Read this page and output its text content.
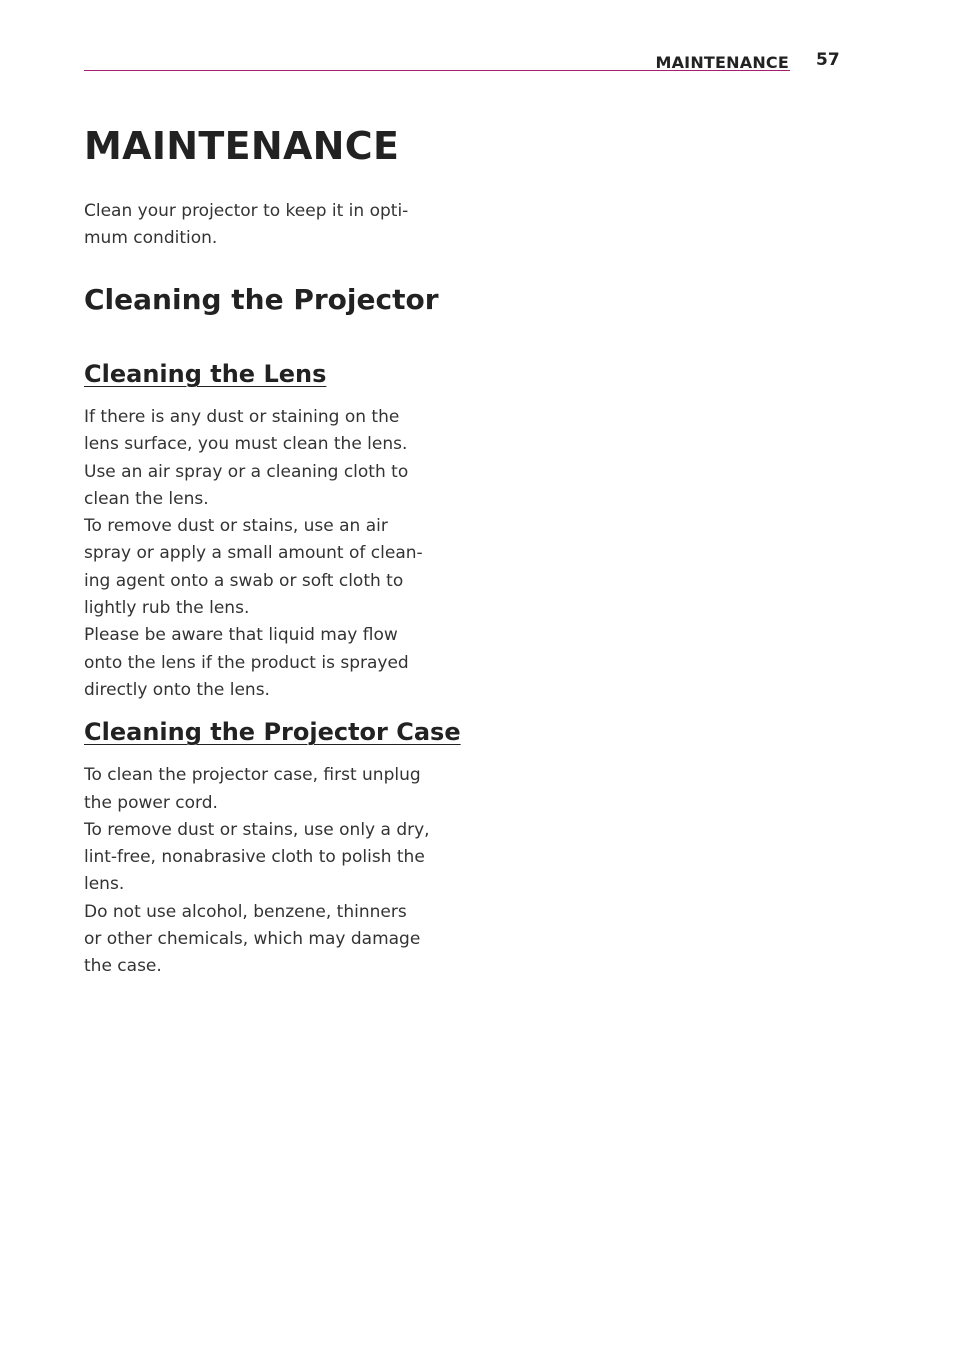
MAINTENANCE 57
MAINTENANCE
Clean your projector to keep it in opti-
mum condition.
Cleaning the Projector
Cleaning the Lens
If there is any dust or staining on the
lens surface, you must clean the lens.
Use an air spray or a cleaning cloth to
clean the lens.
To remove dust or stains, use an air
spray or apply a small amount of clean-
ing agent onto a swab or soft cloth to
lightly rub the lens.
Please be aware that liquid may flow
onto the lens if the product is sprayed
directly onto the lens.
Cleaning the Projector Case
To clean the projector case, first unplug
the power cord.
To remove dust or stains, use only a dry,
lint-free, nonabrasive cloth to polish the
lens.
Do not use alcohol, benzene, thinners
or other chemicals, which may damage
the case.
